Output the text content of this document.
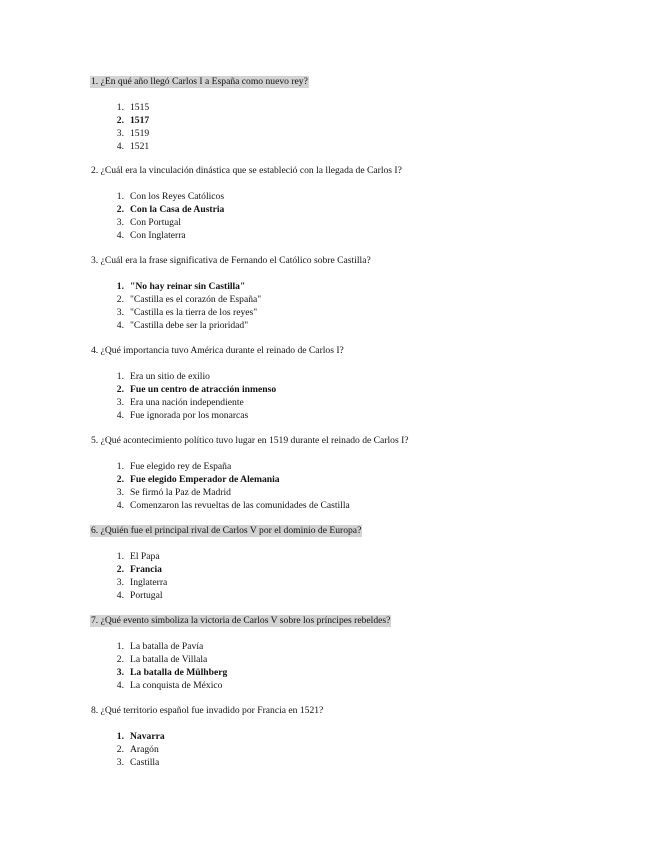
1. ¿En qué año llegó Carlos I a España como nuevo rey?
1. 1515
2. 1517
3. 1519
4. 1521
2. ¿Cuál era la vinculación dinástica que se estableció con la llegada de Carlos I?
1. Con los Reyes Católicos
2. Con la Casa de Austria
3. Con Portugal
4. Con Inglaterra
3. ¿Cuál era la frase significativa de Fernando el Católico sobre Castilla?
1. "No hay reinar sin Castilla"
2. "Castilla es el corazón de España"
3. "Castilla es la tierra de los reyes"
4. "Castilla debe ser la prioridad"
4. ¿Qué importancia tuvo América durante el reinado de Carlos I?
1. Era un sitio de exilio
2. Fue un centro de atracción inmenso
3. Era una nación independiente
4. Fue ignorada por los monarcas
5. ¿Qué acontecimiento político tuvo lugar en 1519 durante el reinado de Carlos I?
1. Fue elegido rey de España
2. Fue elegido Emperador de Alemania
3. Se firmó la Paz de Madrid
4. Comenzaron las revueltas de las comunidades de Castilla
6. ¿Quién fue el principal rival de Carlos V por el dominio de Europa?
1. El Papa
2. Francia
3. Inglaterra
4. Portugal
7. ¿Qué evento simboliza la victoria de Carlos V sobre los príncipes rebeldes?
1. La batalla de Pavía
2. La batalla de Villala
3. La batalla de Mülhberg
4. La conquista de México
8. ¿Qué territorio español fue invadido por Francia en 1521?
1. Navarra
2. Aragón
3. Castilla
